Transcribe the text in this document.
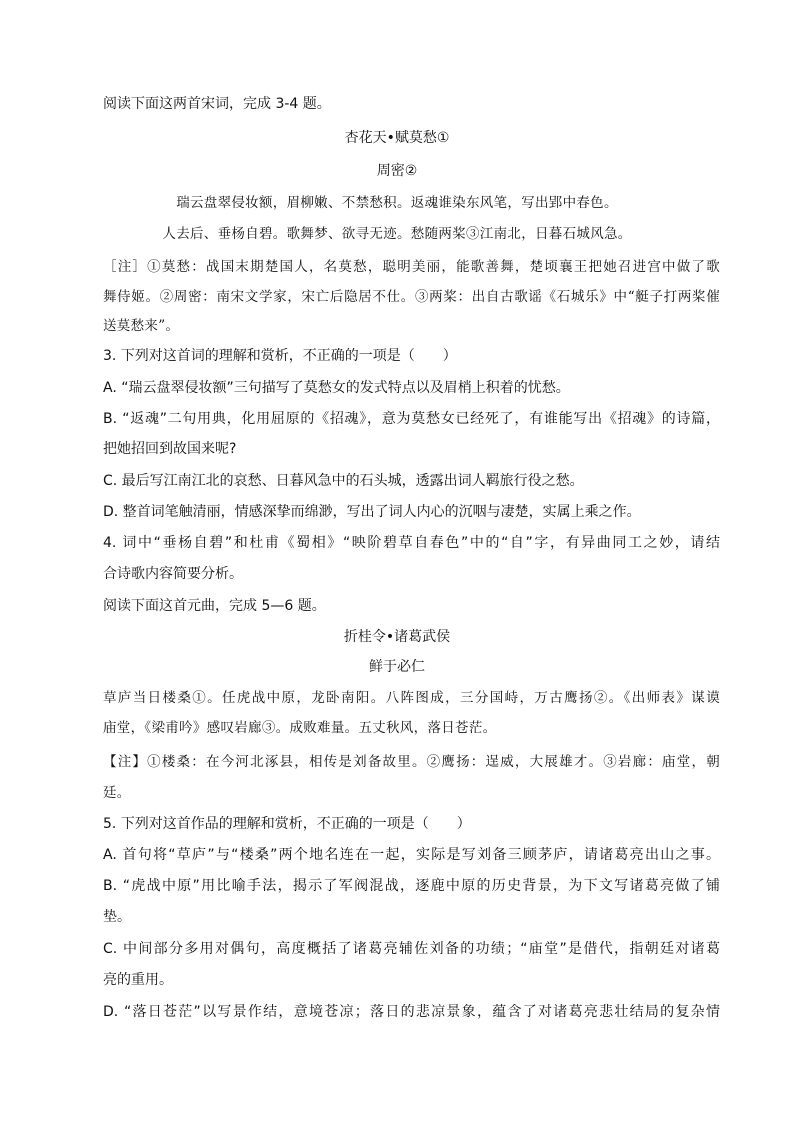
阅读下面这两首宋词，完成 3-4 题。
杏花天•赋莫愁①
周密②
瑞云盘翠侵妆额，眉柳嫩、不禁愁积。返魂谁染东风笔，写出郢中春色。
人去后、垂杨自碧。歌舞梦、欲寻无迹。愁随两桨③江南北，日暮石城风急。
［注］①莫愁：战国末期楚国人，名莫愁，聪明美丽，能歌善舞，楚顷襄王把她召进宫中做了歌
舞侍姬。②周密：南宋文学家，宋亡后隐居不仕。③两桨：出自古歌谣《石城乐》中“艇子打两桨催
送莫愁来”。
3. 下列对这首词的理解和赏析，不正确的一项是（　　）
A. “瑞云盘翠侵妆额”三句描写了莫愁女的发式特点以及眉梢上积着的忧愁。
B. “返魂”二句用典，化用屈原的《招魂》，意为莫愁女已经死了，有谁能写出《招魂》的诗篇，
把她招回到故国来呢?
C. 最后写江南江北的哀愁、日暮风急中的石头城，透露出词人羁旅行役之愁。
D. 整首词笔触清丽，情感深挚而绵渺，写出了词人内心的沉咽与凄楚，实属上乘之作。
4. 词中“垂杨自碧”和杜甫《蜀相》“映阶碧草自春色”中的“自”字，有异曲同工之妙，请结
合诗歌内容简要分析。
阅读下面这首元曲，完成 5—6 题。
折桂令•诸葛武侯
鲜于必仁
草庐当日楼桑①。任虎战中原，龙卧南阳。八阵图成，三分国峙，万古鹰扬②。《出师表》谋谟
庙堂，《梁甫吟》感叹岩廊③。成败难量。五丈秋风，落日苍茫。
【注】①楼桑：在今河北涿县，相传是刘备故里。②鹰扬：逞威，大展雄才。③岩廊：庙堂，朝
廷。
5. 下列对这首作品的理解和赏析，不正确的一项是（　　）
A. 首句将“草庐”与“楼桑”两个地名连在一起，实际是写刘备三顾茅庐，请诸葛亮出山之事。
B. “虎战中原”用比喻手法，揭示了军阀混战，逐鹿中原的历史背景，为下文写诸葛亮做了铺
垫。
C. 中间部分多用对偶句，高度概括了诸葛亮辅佐刘备的功绩；“庙堂”是借代，指朝廷对诸葛
亮的重用。
D. “落日苍茫”以写景作结，意境苍凉；落日的悲凉景象，蕴含了对诸葛亮悲壮结局的复杂情
